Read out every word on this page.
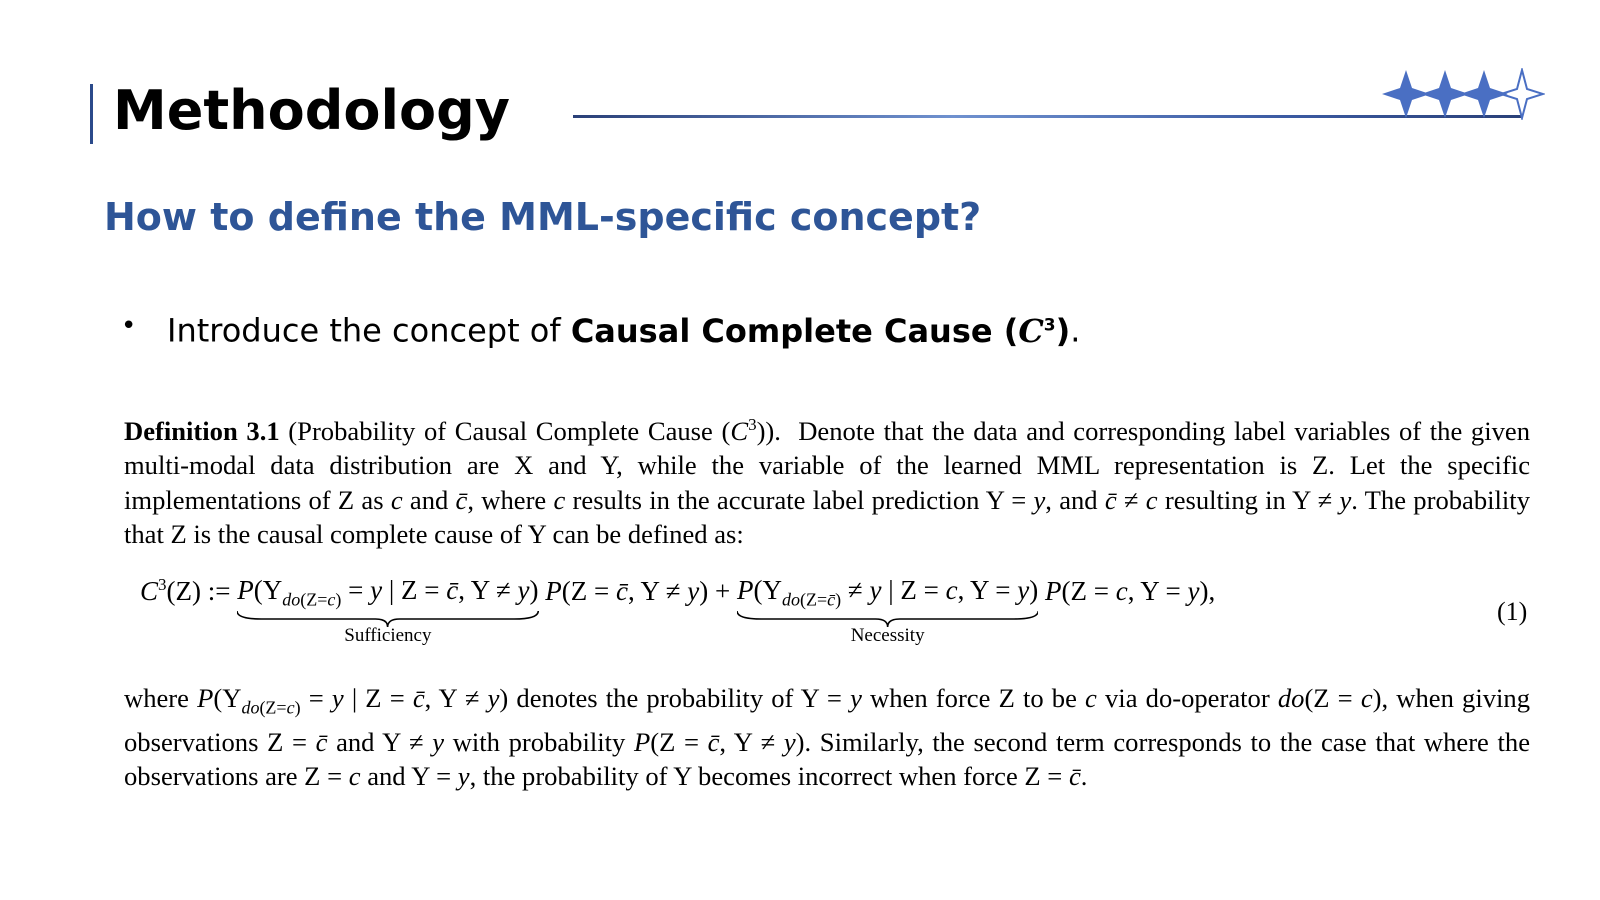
Methodology
How to define the MML-specific concept?
• Introduce the concept of Causal Complete Cause $(C^3)$.

Definition 3.1 (Probability of Causal Complete Cause $(C^3)$).  Denote that the data and corresponding label variables of the given multi-modal data distribution are X and Y, while the variable of the learned MML representation is Z. Let the specific implementations of Z as c and c̄, where c results in the accurate label prediction Y = y, and c̄ ≠ c resulting in Y ≠ y. The probability that Z is the causal complete cause of Y can be defined as:

$C^3(Z)$ := $P(Y_{do(Z=c)} = y$ | Z = c̄, Y ≠ y)
Sufficiency
P(Z = c̄, $Y \ne y) + P(Y_{do(Z=c̄)} \ne y$ | Z = c, Y = y)
Necessity
P(Z = c, Y = y),
(1)

where $P(Y_{do(Z=c)} = y$ | Z = c̄, Y ≠ y) denotes the probability of Y = y when force Z to be c via do-operator do(Z = c), when giving observations Z = c̄ and Y ≠ y with probability P(Z = c̄, Y ≠ y). Similarly, the second term corresponds to the case that where the observations are Z = c and Y = y, the probability of Y becomes incorrect when force Z = c̄.
